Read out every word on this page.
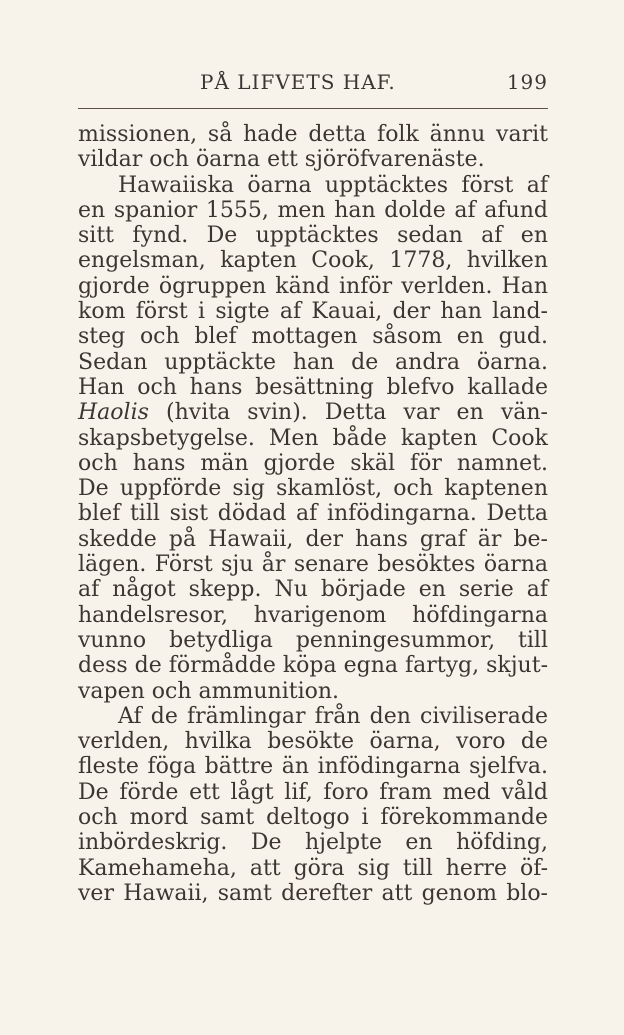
PÅ LIFVETS HAF.	199
missionen, så hade detta folk ännu varit
vildar och öarna ett sjöröfvarenäste.
Hawaiiska öarna upptäcktes först af
en spanior 1555, men han dolde af afund
sitt fynd. De upptäcktes sedan af en
engelsman, kapten Cook, 1778, hvilken
gjorde ögruppen känd inför verlden. Han
kom först i sigte af Kauai, der han land-
steg och blef mottagen såsom en gud.
Sedan upptäckte han de andra öarna.
Han och hans besättning blefvo kallade
Haolis (hvita svin). Detta var en vän-
skapsbetygelse. Men både kapten Cook
och hans män gjorde skäl för namnet.
De uppförde sig skamlöst, och kaptenen
blef till sist dödad af infödingarna. Detta
skedde på Hawaii, der hans graf är be-
lägen. Först sju år senare besöktes öarna
af något skepp. Nu började en serie af
handelsresor, hvarigenom höfdingarna
vunno betydliga penningesummor, till
dess de förmådde köpa egna fartyg, skjut-
vapen och ammunition.
Af de främlingar från den civiliserade
verlden, hvilka besökte öarna, voro de
fleste föga bättre än infödingarna sjelfva.
De förde ett lågt lif, foro fram med våld
och mord samt deltogo i förekommande
inbördeskrig. De hjelpte en höfding,
Kamehameha, att göra sig till herre öf-
ver Hawaii, samt derefter att genom blo-
